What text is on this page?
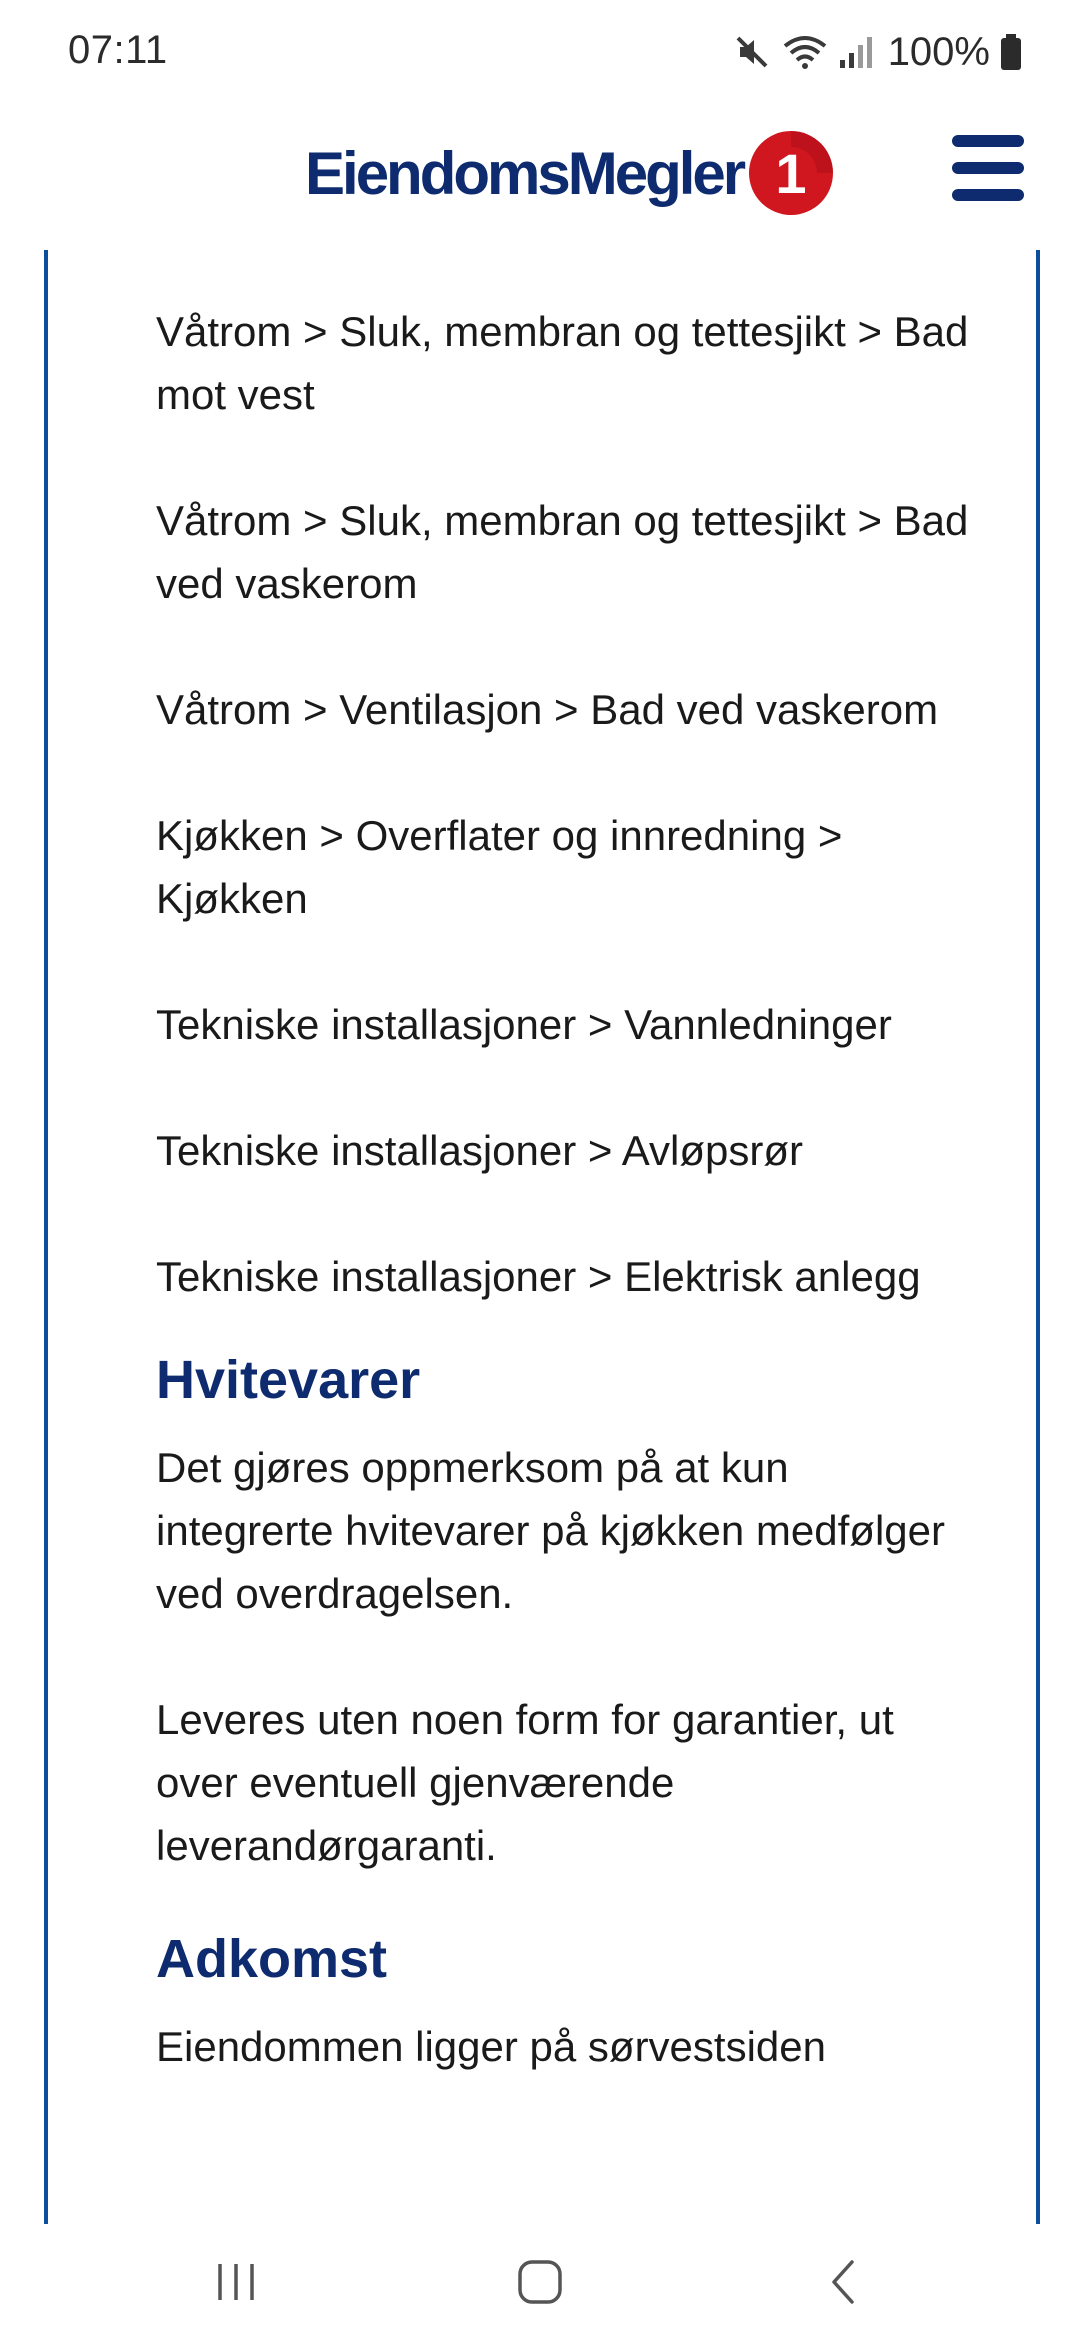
07:11	100%
EiendomsMegler 1

Våtrom > Sluk, membran og tettesjikt > Bad mot vest

Våtrom > Sluk, membran og tettesjikt > Bad ved vaskerom

Våtrom > Ventilasjon > Bad ved vaskerom

Kjøkken > Overflater og innredning > Kjøkken

Tekniske installasjoner > Vannledninger

Tekniske installasjoner > Avløpsrør

Tekniske installasjoner > Elektrisk anlegg

Hvitevarer

Det gjøres oppmerksom på at kun integrerte hvitevarer på kjøkken medfølger ved overdragelsen.

Leveres uten noen form for garantier, ut over eventuell gjenværende leverandørgaranti.

Adkomst

Eiendommen ligger på sørvestsiden
